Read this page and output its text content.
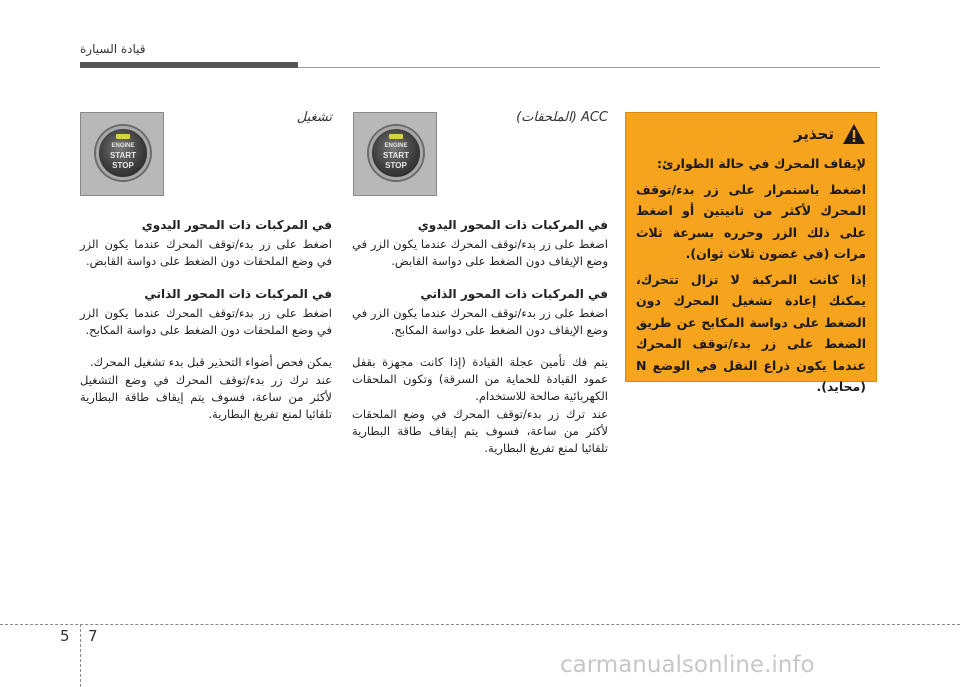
قيادة السيارة
ACC (الملحقات)
ENGINE
START
STOP
في المركبات ذات المحور اليدوي
اضغط على زر بدء/توقف المحرك عندما يكون الزر في وضع الإيقاف دون الضغط على دواسة القابض.
في المركبات ذات المحور الذاتي
اضغط على زر بدء/توقف المحرك عندما يكون الزر في وضع الإيقاف دون الضغط على دواسة المكابح.
يتم فك تأمين عجلة القيادة (إذا كانت مجهزة بقفل عمود القيادة للحماية من السرقة) وتكون الملحقات الكهربائية صالحة للاستخدام.
عند ترك زر بدء/توقف المحرك في وضع الملحقات لأكثر من ساعة، فسوف يتم إيقاف طاقة البطارية تلقائيا لمنع تفريغ البطارية.
تشغيل
ENGINE
START
STOP
في المركبات ذات المحور اليدوي
اضغط على زر بدء/توقف المحرك عندما يكون الزر في وضع الملحقات دون الضغط على دواسة القابض.
في المركبات ذات المحور الذاتي
اضغط على زر بدء/توقف المحرك عندما يكون الزر في وضع الملحقات دون الضغط على دواسة المكابح.
يمكن فحص أضواء التحذير قبل بدء تشغيل المحرك.
عند ترك زر بدء/توقف المحرك في وضع التشغيل لأكثر من ساعة، فسوف يتم إيقاف طاقة البطارية تلقائيا لمنع تفريغ البطارية.
تحذير

لإيقاف المحرك في حالة الطوارئ:

اضغط باستمرار على زر بدء/توقف المحرك لأكثر من ثانيتين أو اضغط على ذلك الزر وحرره بسرعة ثلاث مرات (في غضون ثلاث ثوان).

إذا كانت المركبة لا تزال تتحرك، يمكنك إعادة تشغيل المحرك دون الضغط على دواسة المكابح عن طريق الضغط على زر بدء/توقف المحرك عندما يكون ذراع النقل في الوضع N (محايد).

5 7
carmanualsonline.info
